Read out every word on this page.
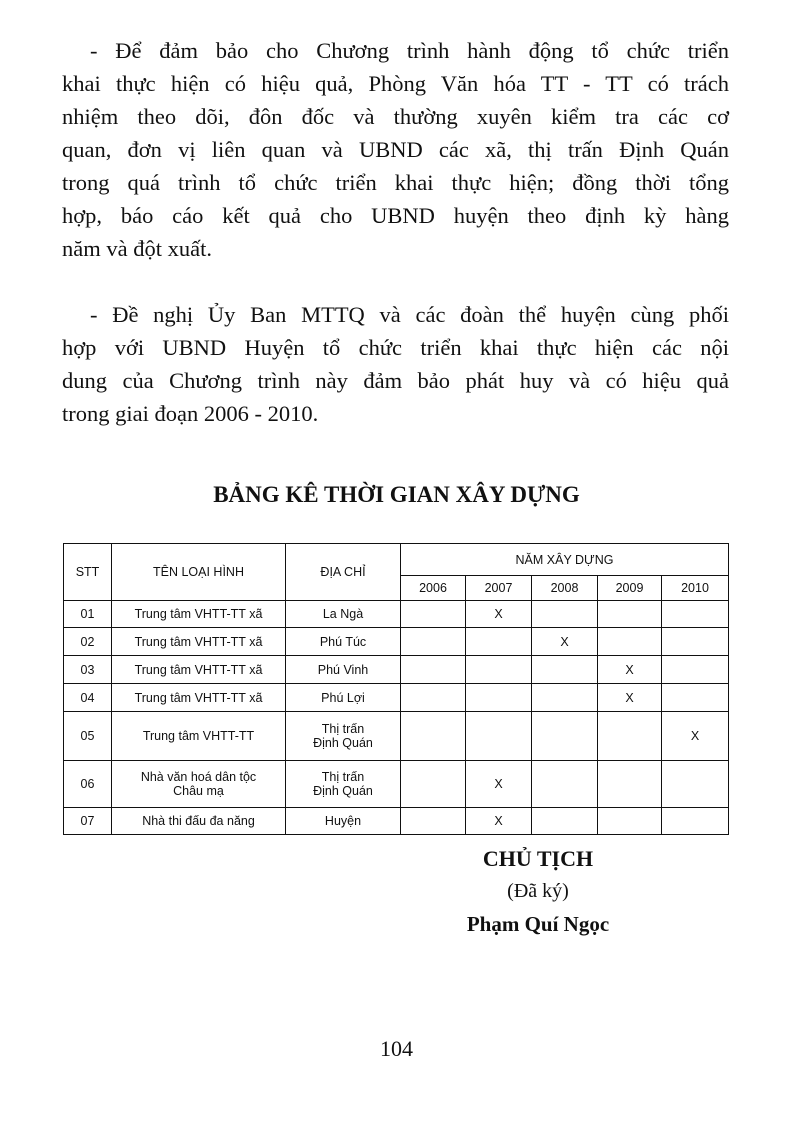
- Để đảm bảo cho Chương trình hành động tổ chức triển
khai thực hiện có hiệu quả, Phòng Văn hóa TT - TT có trách
nhiệm theo dõi, đôn đốc và thường xuyên kiểm tra các cơ
quan, đơn vị liên quan và UBND các xã, thị trấn Định Quán
trong quá trình tổ chức triển khai thực hiện; đồng thời tổng
hợp, báo cáo kết quả cho UBND huyện theo định kỳ hàng
năm và đột xuất.
- Đề nghị Ủy Ban MTTQ và các đoàn thể huyện cùng phối
hợp với UBND Huyện tổ chức triển khai thực hiện các nội
dung của Chương trình này đảm bảo phát huy và có hiệu quả
trong giai đoạn 2006 - 2010.
BẢNG KÊ THỜI GIAN XÂY DỰNG
STT	TÊN LOẠI HÌNH	ĐỊA CHỈ	NĂM XÂY DỰNG				
			2006	2007	2008	2009	2010
01	Trung tâm VHTT-TT xã	La Ngà		X			
02	Trung tâm VHTT-TT xã	Phú Túc			X		
03	Trung tâm VHTT-TT xã	Phú Vinh				X	
04	Trung tâm VHTT-TT xã	Phú Lợi				X	
05	Trung tâm VHTT-TT	Thị trấn
Định Quán					X
06	Nhà văn hoá dân tộc
Châu mạ	Thị trấn
Định Quán		X			
07	Nhà thi đấu đa năng	Huyện		X			
CHỦ TỊCH
(Đã ký)
Phạm Quí Ngọc
104
